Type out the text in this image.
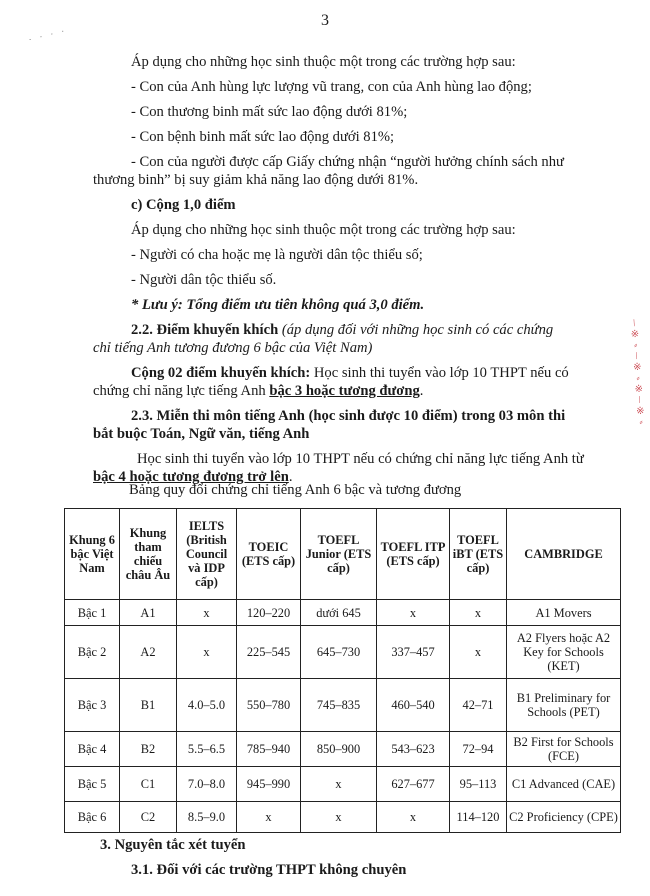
3
· · · ·
Áp dụng cho những học sinh thuộc một trong các trường hợp sau:
- Con của Anh hùng lực lượng vũ trang, con của Anh hùng lao động;
- Con thương binh mất sức lao động dưới 81%;
- Con bệnh binh mất sức lao động dưới 81%;
- Con của người được cấp Giấy chứng nhận “người hưởng chính sách như
thương binh” bị suy giảm khả năng lao động dưới 81%.
c) Cộng 1,0 điểm
Áp dụng cho những học sinh thuộc một trong các trường hợp sau:
- Người có cha hoặc mẹ là người dân tộc thiểu số;
- Người dân tộc thiểu số.
* Lưu ý: Tổng điểm ưu tiên không quá 3,0 điểm.
2.2. Điểm khuyến khích (áp dụng đối với những học sinh có các chứng
chỉ tiếng Anh tương đương 6 bậc của Việt Nam)
Cộng 02 điểm khuyến khích: Học sinh thi tuyển vào lớp 10 THPT nếu có
chứng chỉ năng lực tiếng Anh bậc 3 hoặc tương đương.
2.3. Miễn thi môn tiếng Anh (học sinh được 10 điểm) trong 03 môn thi
bắt buộc Toán, Ngữ văn, tiếng Anh
Học sinh thi tuyển vào lớp 10 THPT nếu có chứng chỉ năng lực tiếng Anh từ
bậc 4 hoặc tương đương trở lên.
Bảng quy đổi chứng chỉ tiếng Anh 6 bậc và tương đương
Khung 6 bậc Việt Nam	Khung tham chiếu châu Âu	IELTS (British Council và IDP cấp)	TOEIC (ETS cấp)	TOEFL Junior (ETS cấp)	TOEFL ITP (ETS cấp)	TOEFL iBT (ETS cấp)	CAMBRIDGE
Bậc 1	A1	x	120–220	dưới 645	x	x	A1 Movers
Bậc 2	A2	x	225–545	645–730	337–457	x	A2 Flyers hoặc A2 Key for Schools (KET)
Bậc 3	B1	4.0–5.0	550–780	745–835	460–540	42–71	B1 Preliminary for Schools (PET)
Bậc 4	B2	5.5–6.5	785–940	850–900	543–623	72–94	B2 First for Schools (FCE)
Bậc 5	C1	7.0–8.0	945–990	x	627–677	95–113	C1 Advanced (CAE)
Bậc 6	C2	8.5–9.0	x	x	x	114–120	C2 Proficiency (CPE)
3. Nguyên tắc xét tuyển
3.1. Đối với các trường THPT không chuyên
ǀ
※
⸗
ǀ
※
⸗
※
ǀ
※
⸗
